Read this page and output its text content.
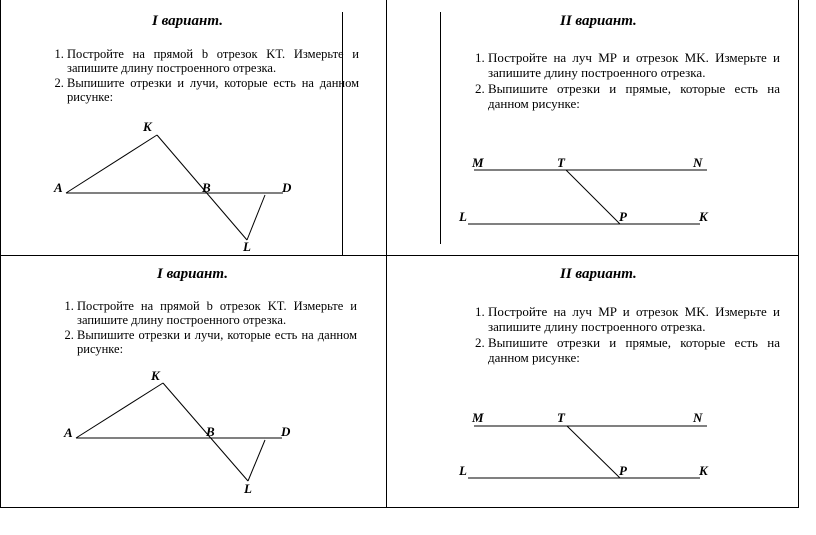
I вариант.
1. Постройте на прямой b отрезок KT. Измерьте и запишите длину построенного отрезка.
2. Выпишите отрезки и лучи, которые есть на данном рисунке:
II вариант.
1. Постройте на луч MP и отрезок MK. Измерьте и запишите длину построенного отрезка.
2. Выпишите отрезки и прямые, которые есть на данном рисунке:
I вариант.
1. Постройте на прямой b отрезок KT. Измерьте и запишите длину построенного отрезка.
2. Выпишите отрезки и лучи, которые есть на данном рисунке:
II вариант.
1. Постройте на луч MP и отрезок MK. Измерьте и запишите длину построенного отрезка.
2. Выпишите отрезки и прямые, которые есть на данном рисунке:
K
A	B	D
L
M	T	N
L	P	K
K
A	B	D
L
M	T	N
L	P	K
